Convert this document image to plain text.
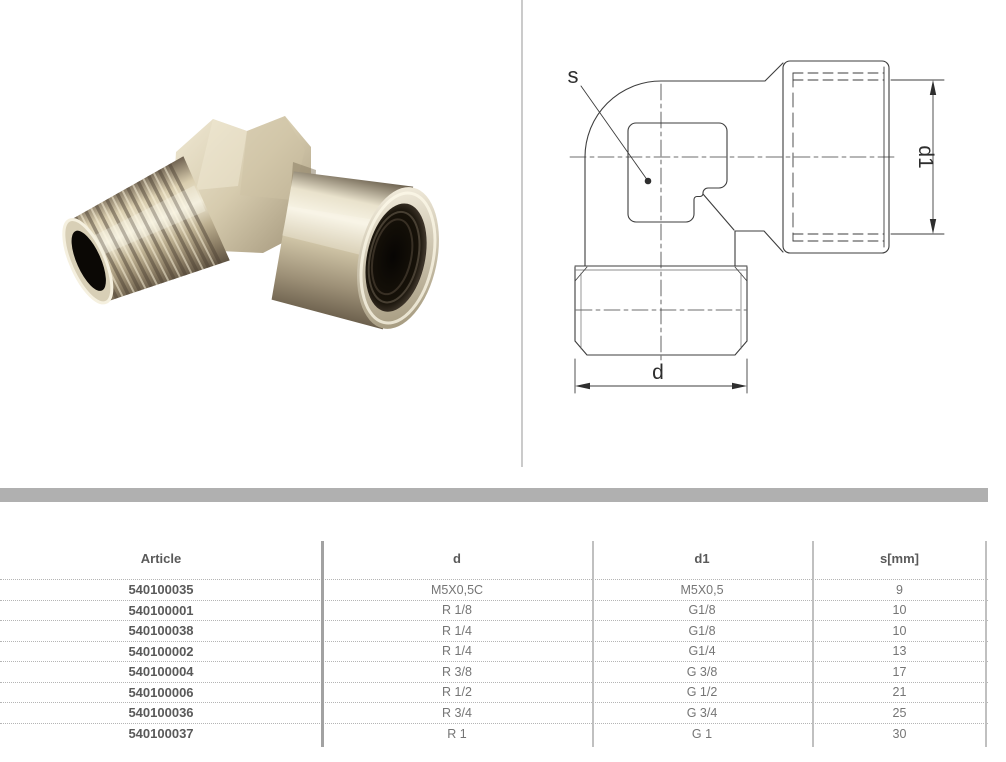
s
d1
d
Article	d	d1	s[mm]
540100035	M5X0,5C	M5X0,5	9
540100001	R 1/8	G1/8	10
540100038	R 1/4	G1/8	10
540100002	R 1/4	G1/4	13
540100004	R 3/8	G 3/8	17
540100006	R 1/2	G 1/2	21
540100036	R 3/4	G 3/4	25
540100037	R 1	G 1	30
